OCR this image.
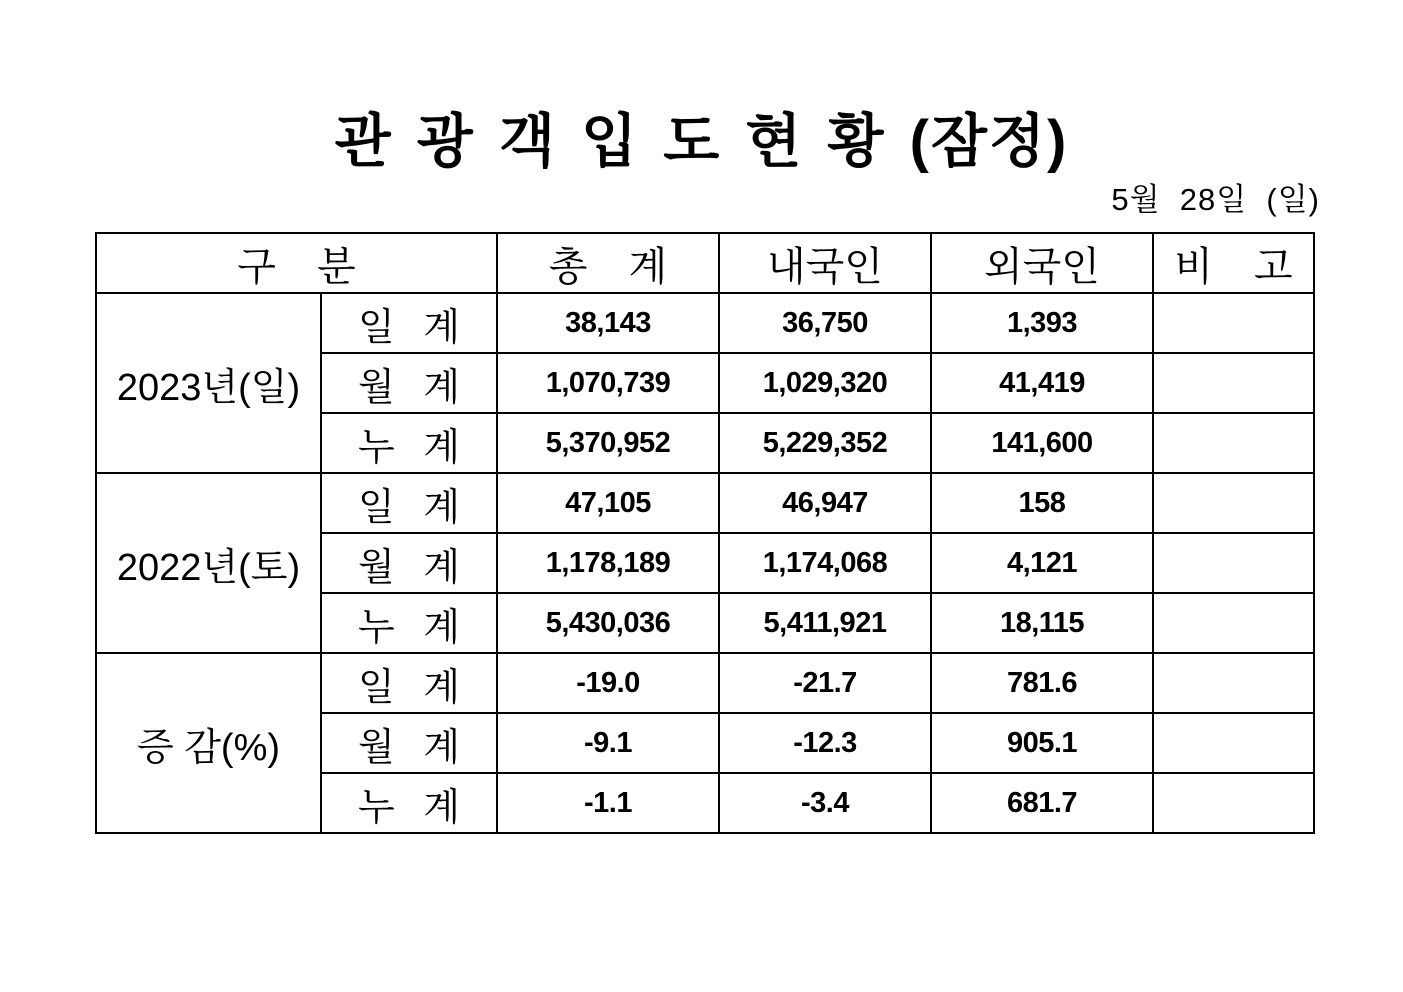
관 광 객 입 도 현 황 (잠정)
5월  28일  (일)
구 분		총 계	내국인	외국인	비 고
2023년(일)	일 계	38,143	36,750	1,393	
	월 계	1,070,739	1,029,320	41,419	
	누 계	5,370,952	5,229,352	141,600	
2022년(토)	일 계	47,105	46,947	158	
	월 계	1,178,189	1,174,068	4,121	
	누 계	5,430,036	5,411,921	18,115	
증 감(%)	일 계	-19.0	-21.7	781.6	
	월 계	-9.1	-12.3	905.1	
	누 계	-1.1	-3.4	681.7	
